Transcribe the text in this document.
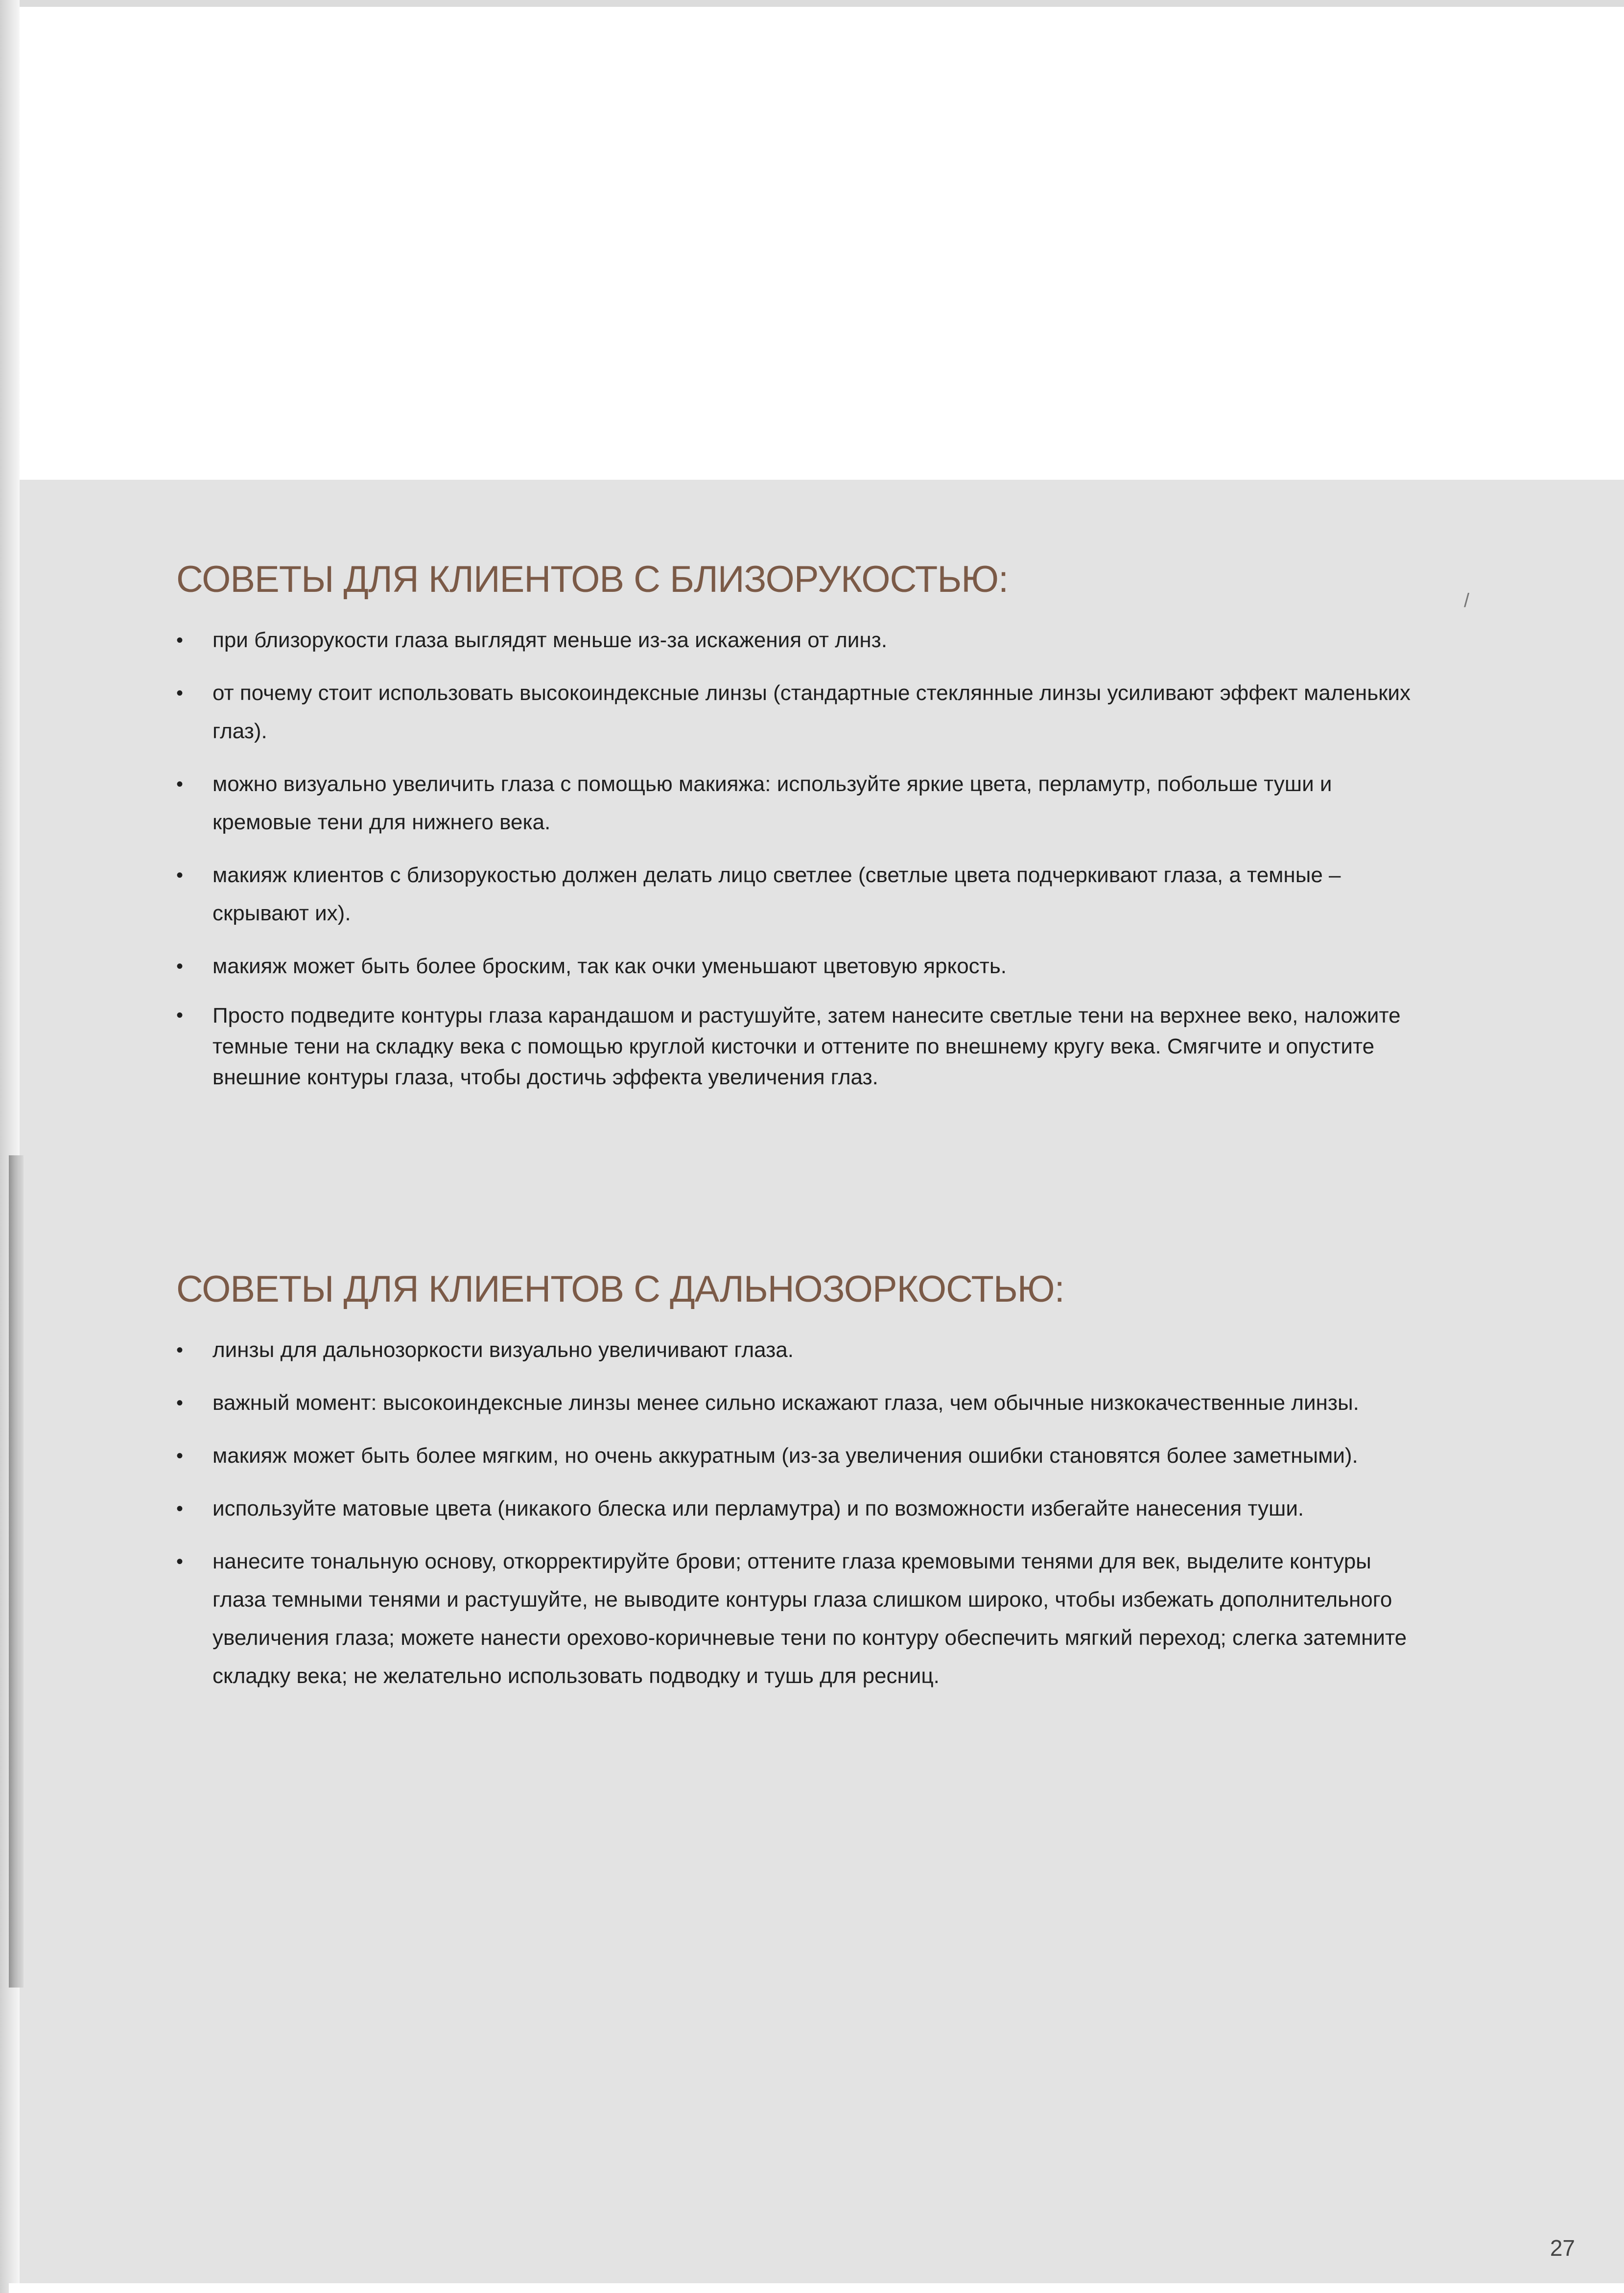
/
СОВЕТЫ ДЛЯ КЛИЕНТОВ С БЛИЗОРУКОСТЬЮ:
•	при близорукости глаза выглядят меньше из-за искажения от линз.
•	от почему стоит использовать высокоиндексные линзы (стандартные стеклянные линзы усиливают эффект маленьких глаз).
•	можно визуально увеличить глаза с помощью макияжа: используйте яркие цвета, перламутр, побольше туши и кремовые тени для нижнего века.
•	макияж клиентов с близорукостью должен делать лицо светлее (светлые цвета подчеркивают глаза, а темные – скрывают их).
•	макияж может быть более броским, так как очки уменьшают цветовую яркость.
•	Просто подведите контуры глаза карандашом и растушуйте, затем нанесите светлые тени на верхнее веко, наложите темные тени на складку века с помощью круглой кисточки и оттените по внешнему кругу века. Смягчите и опустите внешние контуры глаза, чтобы достичь эффекта увеличения глаз.
СОВЕТЫ ДЛЯ КЛИЕНТОВ С ДАЛЬНОЗОРКОСТЬЮ:
•	линзы для дальнозоркости визуально увеличивают глаза.
•	важный момент: высокоиндексные линзы менее сильно искажают глаза, чем обычные низкокачественные линзы.
•	макияж может быть более мягким, но очень аккуратным (из-за увеличения ошибки становятся более заметными).
•	используйте матовые цвета (никакого блеска или перламутра) и по возможности избегайте нанесения туши.
•	нанесите тональную основу, откорректируйте брови; оттените глаза кремовыми тенями для век, выделите контуры глаза темными тенями и растушуйте, не выводите контуры глаза слишком широко, чтобы избежать дополнительного увеличения глаза; можете нанести орехово-коричневые тени по контуру обеспечить мягкий переход; слегка затемните складку века; не желательно использовать подводку и тушь для ресниц.
27
